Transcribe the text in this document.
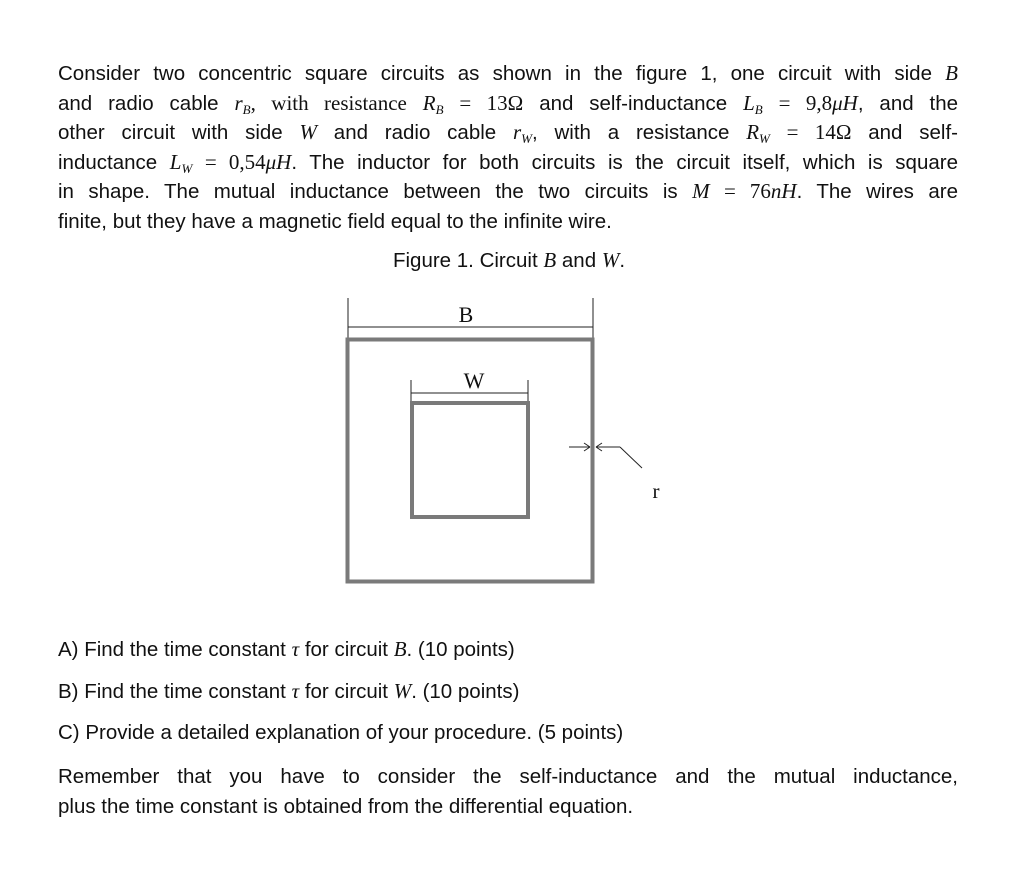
Consider two concentric square circuits as shown in the figure 1, one circuit with side B
and radio cable $r_B$, with resistance $R_B = 13\Omega$ and self-inductance $L_B = 9,8\mu H$, and the
other circuit with side W and radio cable $r_W$, with a resistance $R_W = 14\Omega$ and self-
inductance $L_W = 0,54\mu H$. The inductor for both circuits is the circuit itself, which is square
in shape. The mutual inductance between the two circuits is M = 76nH. The wires are
finite, but they have a magnetic field equal to the infinite wire.
Figure 1. Circuit B and W.
B
W
r
A) Find the time constant τ for circuit B. (10 points)
B) Find the time constant τ for circuit W. (10 points)
C) Provide a detailed explanation of your procedure. (5 points)
Remember that you have to consider the self-inductance and the mutual inductance,
plus the time constant is obtained from the differential equation.
